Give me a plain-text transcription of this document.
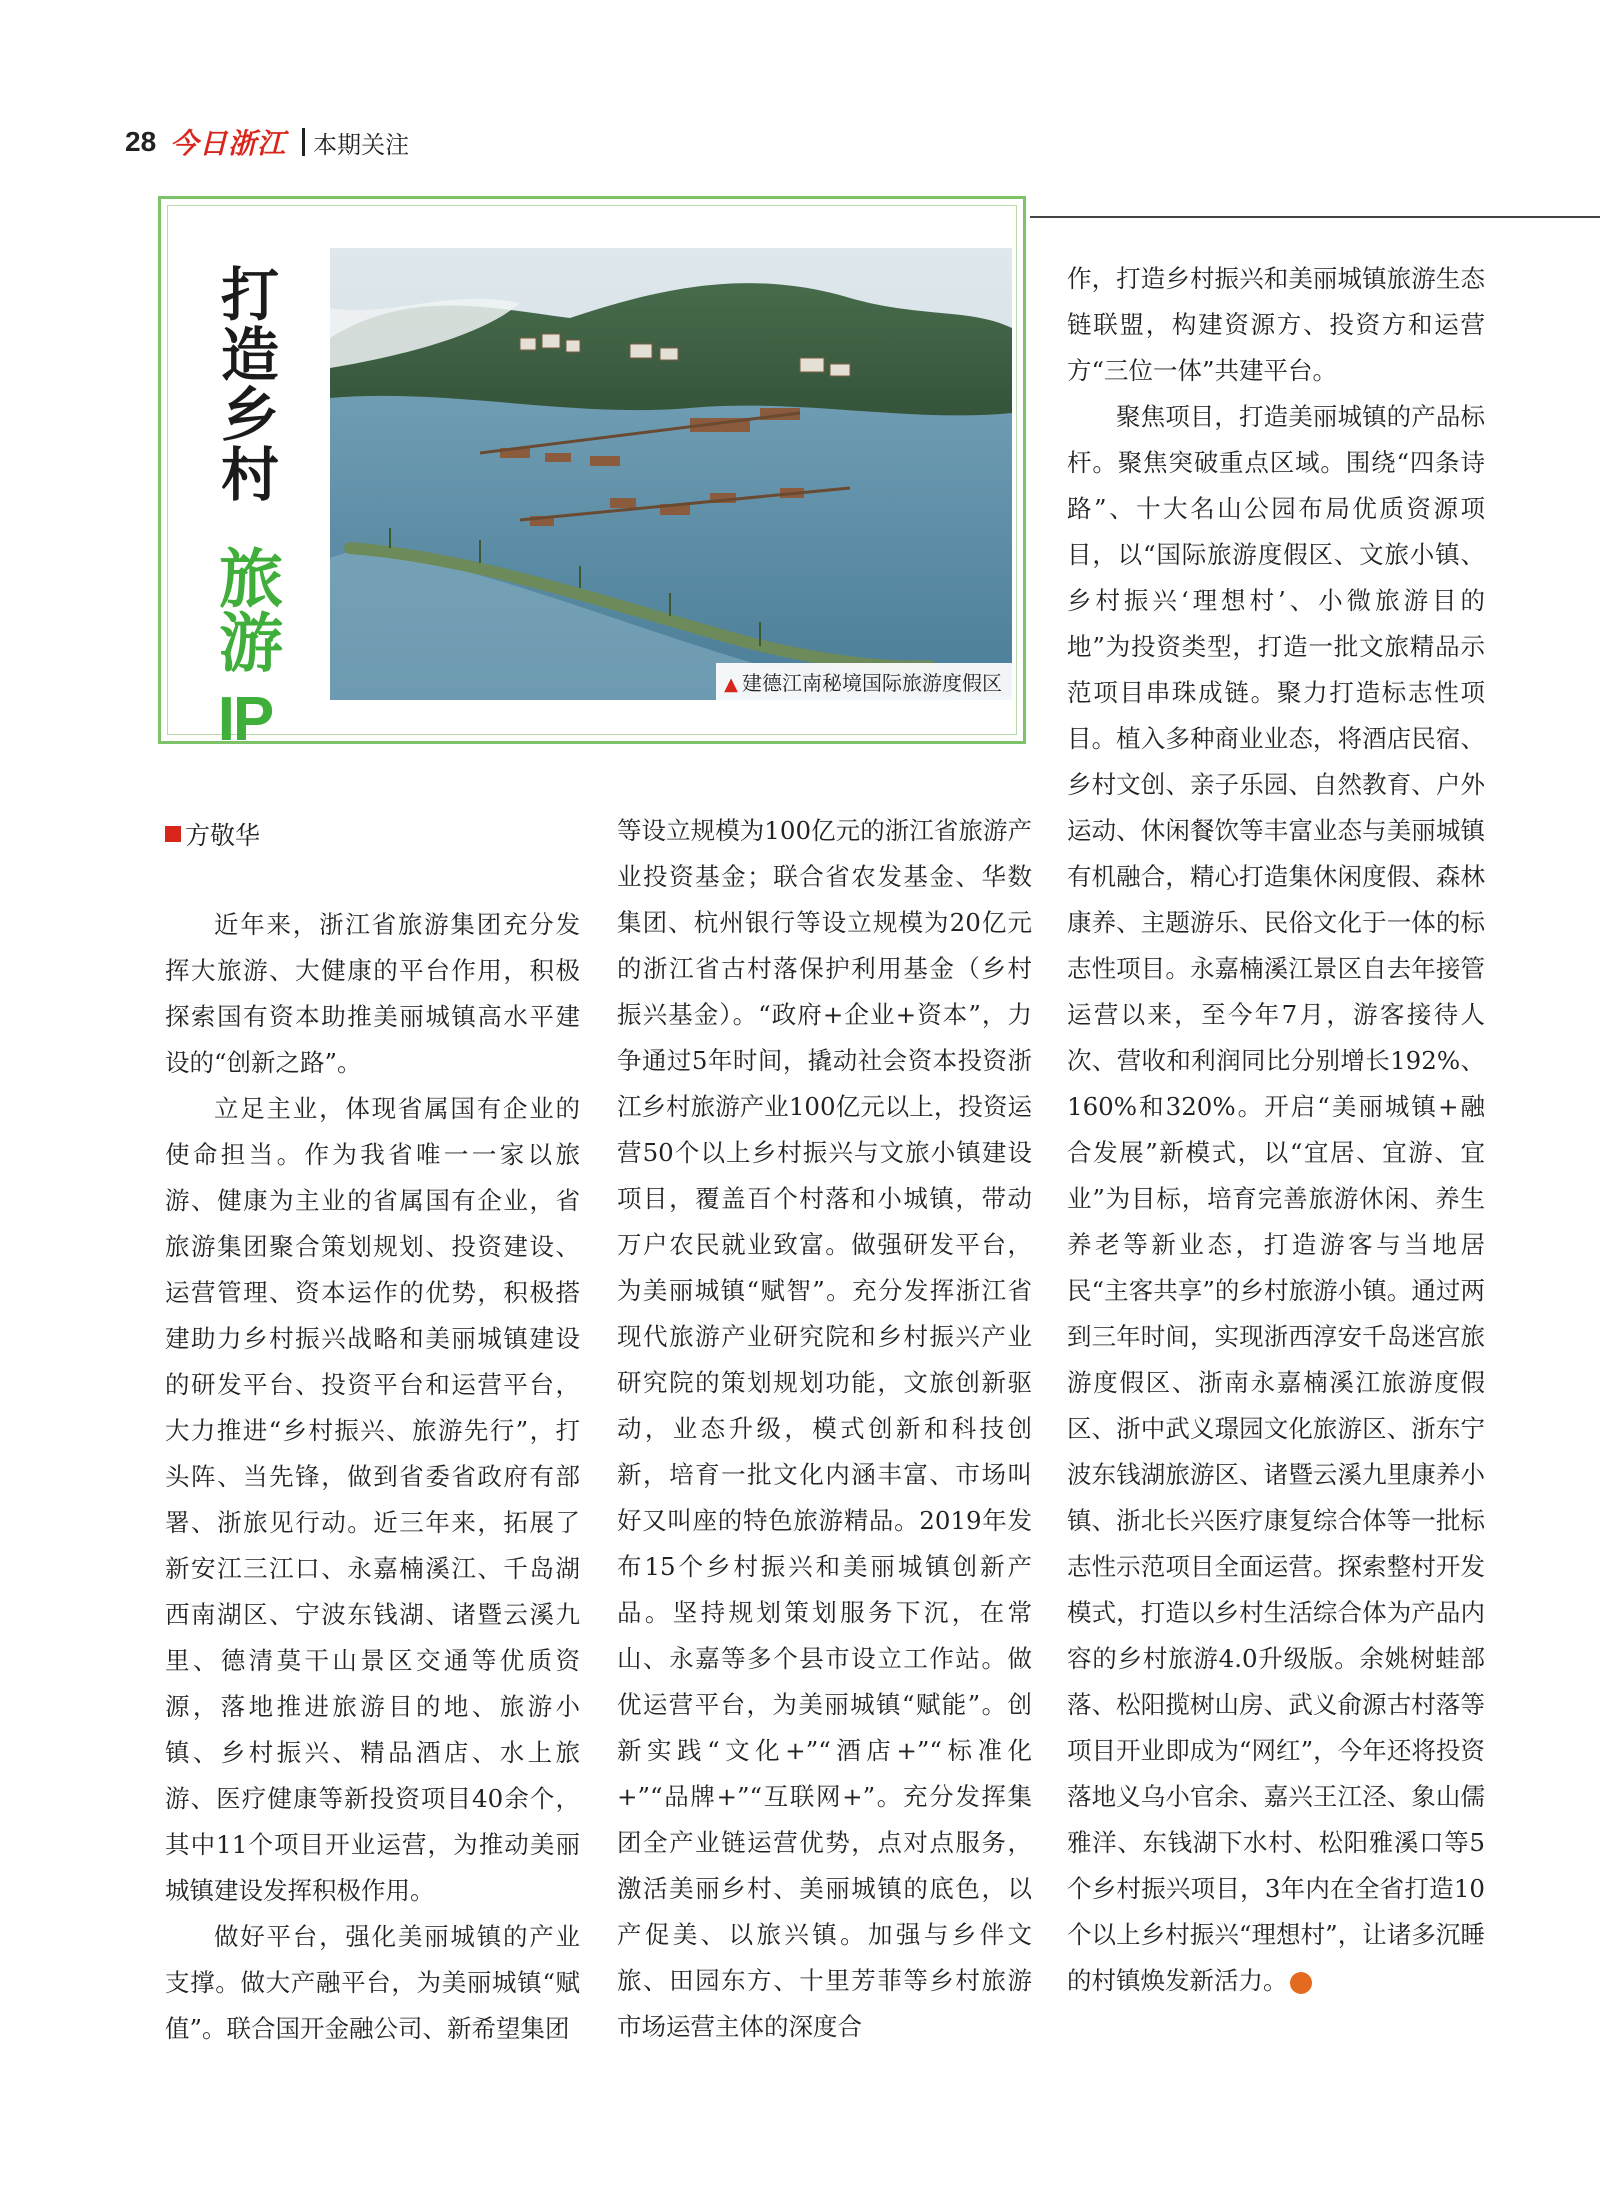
28 今日浙江 本期关注
打造乡村
旅游
IP
▲ 建德江南秘境国际旅游度假区
方敬华

近年来，浙江省旅游集团充分发挥大旅游、大健康的平台作用，积极探索国有资本助推美丽城镇高水平建设的“创新之路”。

立足主业，体现省属国有企业的使命担当。作为我省唯一一家以旅游、健康为主业的省属国有企业，省旅游集团聚合策划规划、投资建设、运营管理、资本运作的优势，积极搭建助力乡村振兴战略和美丽城镇建设的研发平台、投资平台和运营平台，大力推进“乡村振兴、旅游先行”，打头阵、当先锋，做到省委省政府有部署、浙旅见行动。近三年来，拓展了新安江三江口、永嘉楠溪江、千岛湖西南湖区、宁波东钱湖、诸暨云溪九里、德清莫干山景区交通等优质资源，落地推进旅游目的地、旅游小镇、乡村振兴、精品酒店、水上旅游、医疗健康等新投资项目40余个，其中11个项目开业运营，为推动美丽城镇建设发挥积极作用。

做好平台，强化美丽城镇的产业支撑。做大产融平台，为美丽城镇“赋值”。联合国开金融公司、新希望集团

等设立规模为100亿元的浙江省旅游产业投资基金；联合省农发基金、华数集团、杭州银行等设立规模为20亿元的浙江省古村落保护利用基金（乡村振兴基金）。“政府+企业+资本”，力争通过5年时间，撬动社会资本投资浙江乡村旅游产业100亿元以上，投资运营50个以上乡村振兴与文旅小镇建设项目，覆盖百个村落和小城镇，带动万户农民就业致富。做强研发平台，为美丽城镇“赋智”。充分发挥浙江省现代旅游产业研究院和乡村振兴产业研究院的策划规划功能，文旅创新驱动，业态升级，模式创新和科技创新，培育一批文化内涵丰富、市场叫好又叫座的特色旅游精品。2019年发布15个乡村振兴和美丽城镇创新产品。坚持规划策划服务下沉，在常山、永嘉等多个县市设立工作站。做优运营平台，为美丽城镇“赋能”。创新实践“文化+”“酒店+”“标准化+”“品牌+”“互联网+”。充分发挥集团全产业链运营优势，点对点服务，激活美丽乡村、美丽城镇的底色，以产促美、以旅兴镇。加强与乡伴文旅、田园东方、十里芳菲等乡村旅游市场运营主体的深度合

作，打造乡村振兴和美丽城镇旅游生态链联盟，构建资源方、投资方和运营方“三位一体”共建平台。

聚焦项目，打造美丽城镇的产品标杆。聚焦突破重点区域。围绕“四条诗路”、十大名山公园布局优质资源项目，以“国际旅游度假区、文旅小镇、乡村振兴‘理想村’、小微旅游目的地”为投资类型，打造一批文旅精品示范项目串珠成链。聚力打造标志性项目。植入多种商业业态，将酒店民宿、乡村文创、亲子乐园、自然教育、户外运动、休闲餐饮等丰富业态与美丽城镇有机融合，精心打造集休闲度假、森林康养、主题游乐、民俗文化于一体的标志性项目。永嘉楠溪江景区自去年接管运营以来，至今年7月，游客接待人次、营收和利润同比分别增长192%、160%和320%。开启“美丽城镇+融合发展”新模式，以“宜居、宜游、宜业”为目标，培育完善旅游休闲、养生养老等新业态，打造游客与当地居民“主客共享”的乡村旅游小镇。通过两到三年时间，实现浙西淳安千岛迷宫旅游度假区、浙南永嘉楠溪江旅游度假区、浙中武义璟园文化旅游区、浙东宁波东钱湖旅游区、诸暨云溪九里康养小镇、浙北长兴医疗康复综合体等一批标志性示范项目全面运营。探索整村开发模式，打造以乡村生活综合体为产品内容的乡村旅游4.0升级版。余姚树蛙部落、松阳揽树山房、武义俞源古村落等项目开业即成为“网红”，今年还将投资落地义乌小官余、嘉兴王江泾、象山儒雅洋、东钱湖下水村、松阳雅溪口等5个乡村振兴项目，3年内在全省打造10个以上乡村振兴“理想村”，让诸多沉睡的村镇焕发新活力。	今
